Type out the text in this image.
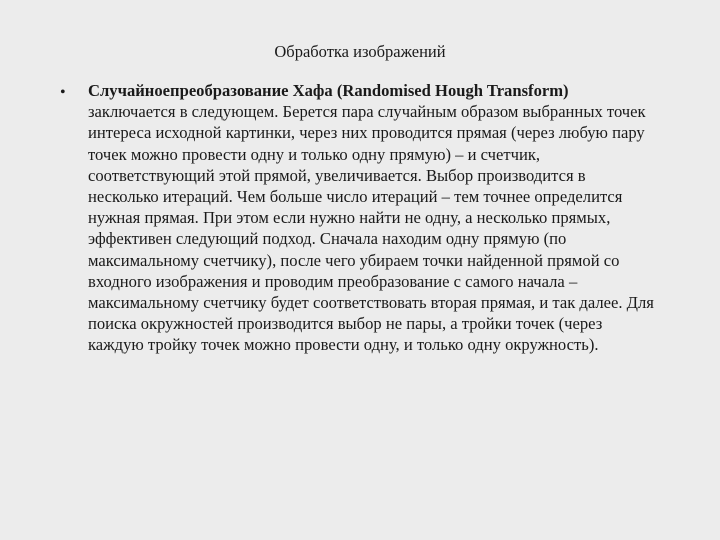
Обработка изображений
• Случайноепреобразование Хафа (Randomised Hough Transform) заключается в следующем. Берется пара случайным образом выбранных точек интереса исходной картинки, через них проводится прямая (через любую пару точек можно провести одну и только одну прямую) – и счетчик, соответствующий этой прямой, увеличивается. Выбор производится в несколько итераций. Чем больше число итераций – тем точнее определится нужная прямая. При этом если нужно найти не одну, а несколько прямых, эффективен следующий подход. Сначала находим одну прямую (по максимальному счетчику), после чего убираем точки найденной прямой со входного изображения и проводим преобразование с самого начала – максимальному счетчику будет соответствовать вторая прямая, и так далее. Для поиска окружностей производится выбор не пары, а тройки точек (через каждую тройку точек можно провести одну, и только одну окружность).
